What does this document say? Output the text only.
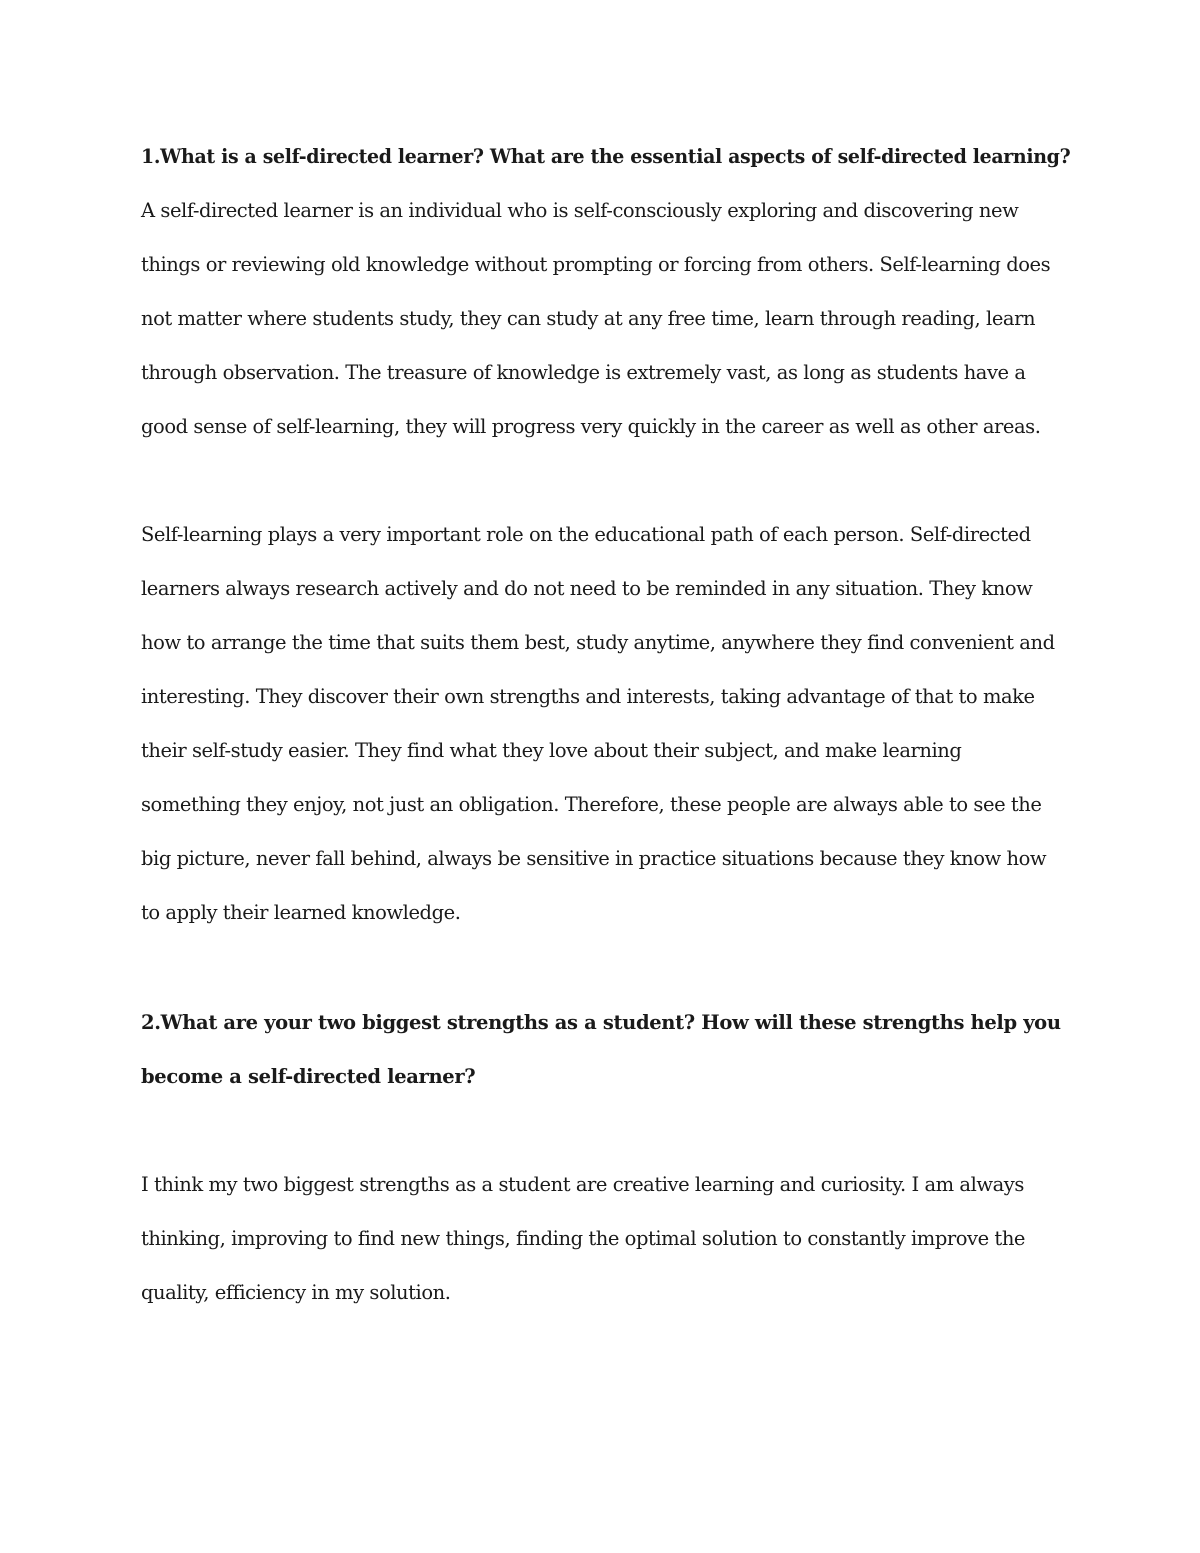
1.What is a self-directed learner? What are the essential aspects of self-directed learning?
A self-directed learner is an individual who is self-consciously exploring and discovering new
things or reviewing old knowledge without prompting or forcing from others. Self-learning does
not matter where students study, they can study at any free time, learn through reading, learn
through observation. The treasure of knowledge is extremely vast, as long as students have a
good sense of self-learning, they will progress very quickly in the career as well as other areas.
Self-learning plays a very important role on the educational path of each person. Self-directed
learners always research actively and do not need to be reminded in any situation. They know
how to arrange the time that suits them best, study anytime, anywhere they find convenient and
interesting. They discover their own strengths and interests, taking advantage of that to make
their self-study easier. They find what they love about their subject, and make learning
something they enjoy, not just an obligation. Therefore, these people are always able to see the
big picture, never fall behind, always be sensitive in practice situations because they know how
to apply their learned knowledge.
2.What are your two biggest strengths as a student? How will these strengths help you
become a self-directed learner?
I think my two biggest strengths as a student are creative learning and curiosity. I am always
thinking, improving to find new things, finding the optimal solution to constantly improve the
quality, efficiency in my solution.
